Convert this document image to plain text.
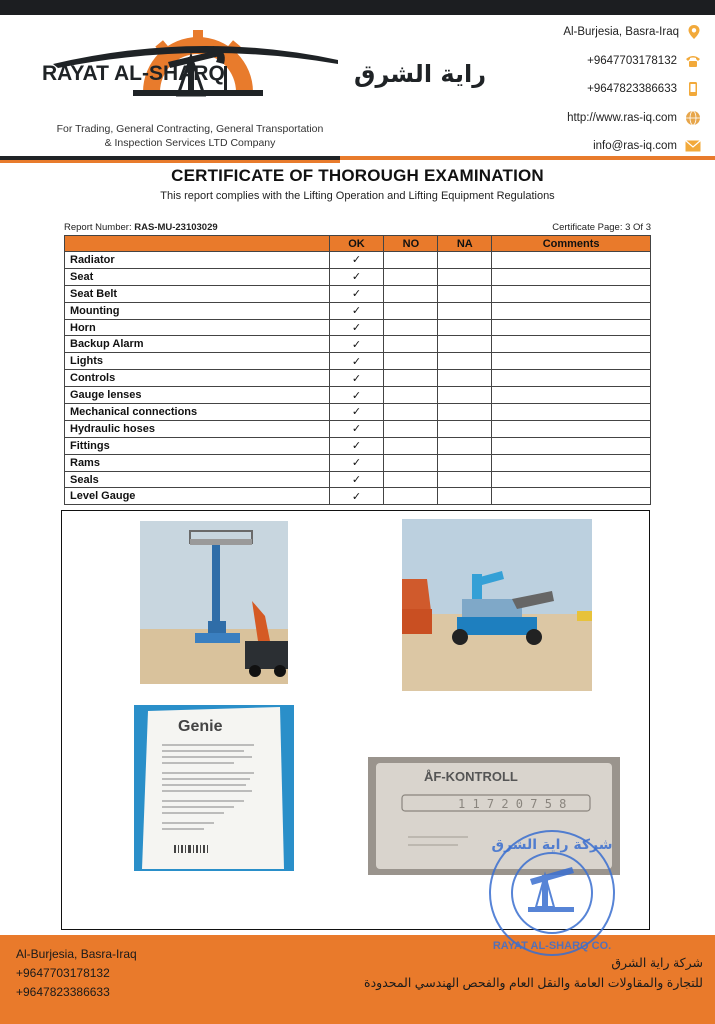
RAYAT AL-SHARQ	راية الشرق
For Trading, General Contracting, General Transportation
& Inspection Services LTD Company
Al-Burjesia, Basra-Iraq
+9647703178132
+9647823386633
http://www.ras-iq.com
info@ras-iq.com
CERTIFICATE OF THOROUGH EXAMINATION
This report complies with the Lifting Operation and Lifting Equipment Regulations
Report Number: RAS-MU-23103029	Certificate Page: 3 Of 3
	OK	NO	NA	Comments
Radiator	✓			
Seat	✓			
Seat Belt	✓			
Mounting	✓			
Horn	✓			
Backup Alarm	✓			
Lights	✓			
Controls	✓			
Gauge lenses	✓			
Mechanical connections	✓			
Hydraulic hoses	✓			
Fittings	✓			
Rams	✓			
Seals	✓			
Level Gauge	✓			
Genie
ÅF-KONTROLL
1 1 7 2 0 7 5 8
Al-Burjesia, Basra-Iraq
+9647703178132
+9647823386633
شركة راية الشرق
للتجارة والمقاولات العامة والنقل العام والفحص الهندسي المحدودة
شركة راية الشرق
RAYAT AL-SHARQ CO.
